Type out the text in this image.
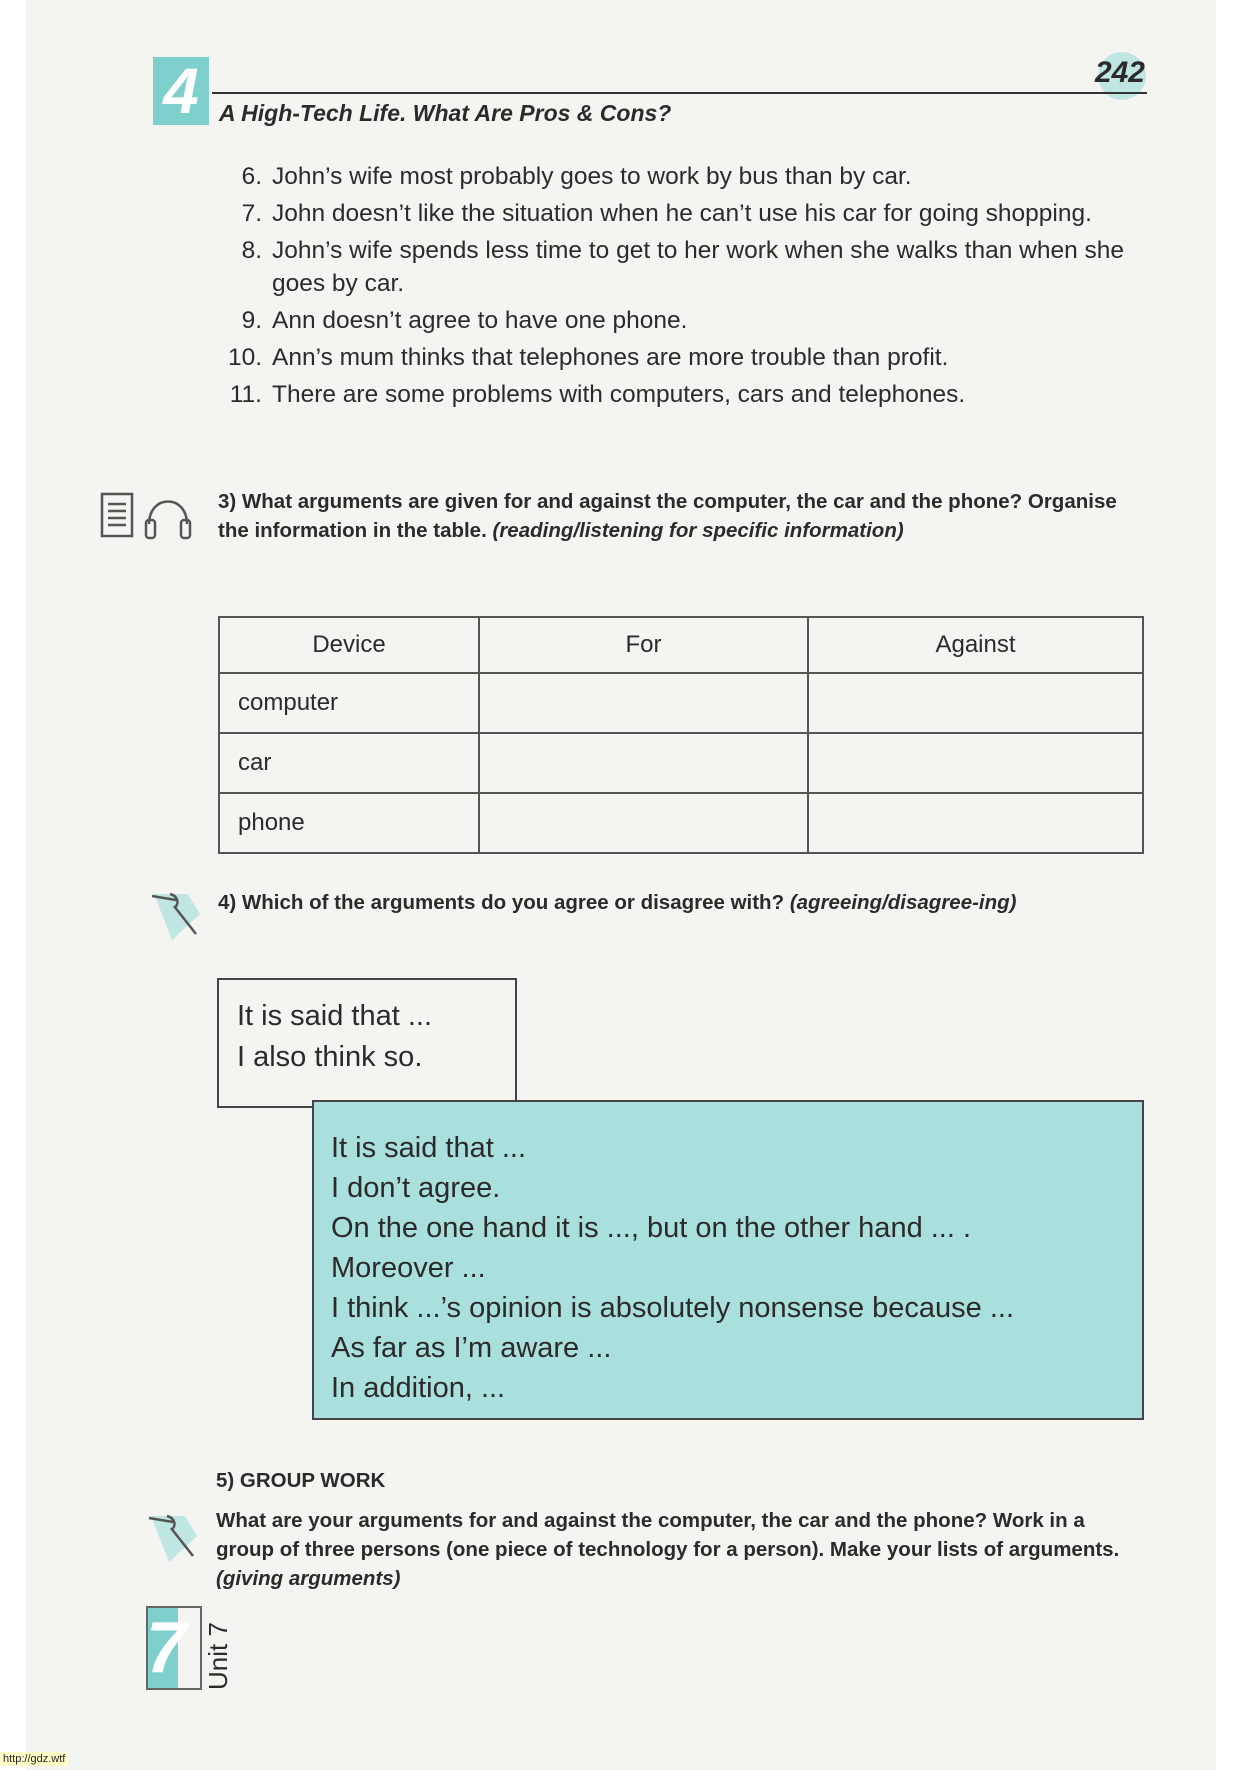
4	242
A High-Tech Life. What Are Pros & Cons?
6. John’s wife most probably goes to work by bus than by car.
7. John doesn’t like the situation when he can’t use his car for going shopping.
8. John’s wife spends less time to get to her work when she walks than when she goes by car.
9. Ann doesn’t agree to have one phone.
10. Ann’s mum thinks that telephones are more trouble than profit.
11. There are some problems with computers, cars and telephones.
3) What arguments are given for and against the computer, the car and the phone? Organise the information in the table. (reading/listening for specific information)
Device	For	Against
computer		
car		
phone		
4) Which of the arguments do you agree or disagree with? (agreeing/disagree-ing)
It is said that ...
I also think so.
It is said that ...
I don’t agree.
On the one hand it is ..., but on the other hand ... .
Moreover ...
I think ...’s opinion is absolutely nonsense because ...
As far as I’m aware ...
In addition, ...
5) GROUP WORK
What are your arguments for and against the computer, the car and the phone? Work in a group of three persons (one piece of technology for a person). Make your lists of arguments. (giving arguments)
7 Unit 7
http://gdz.wtf
